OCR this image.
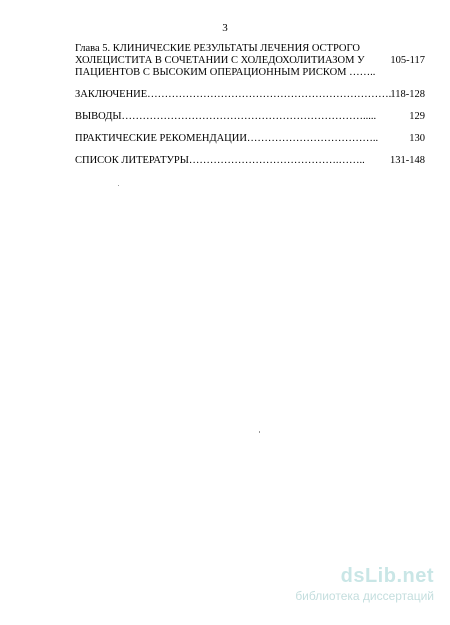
3
Глава 5. КЛИНИЧЕСКИЕ РЕЗУЛЬТАТЫ ЛЕЧЕНИЯ ОСТРОГО
ХОЛЕЦИСТИТА В СОЧЕТАНИИ С ХОЛЕДОХОЛИТИАЗОМ У
ПАЦИЕНТОВ С ВЫСОКИМ ОПЕРАЦИОННЫМ РИСКОМ ……..
105-117
ЗАКЛЮЧЕНИЕ……………………………………………………………. 118-128
ВЫВОДЫ…………………………………………………………….....	129
ПРАКТИЧЕСКИЕ РЕКОМЕНДАЦИИ………………………………..	130
СПИСОК ЛИТЕРАТУРЫ…………………………………….……..	131-148
dsLib.net
библиотека диссертаций
